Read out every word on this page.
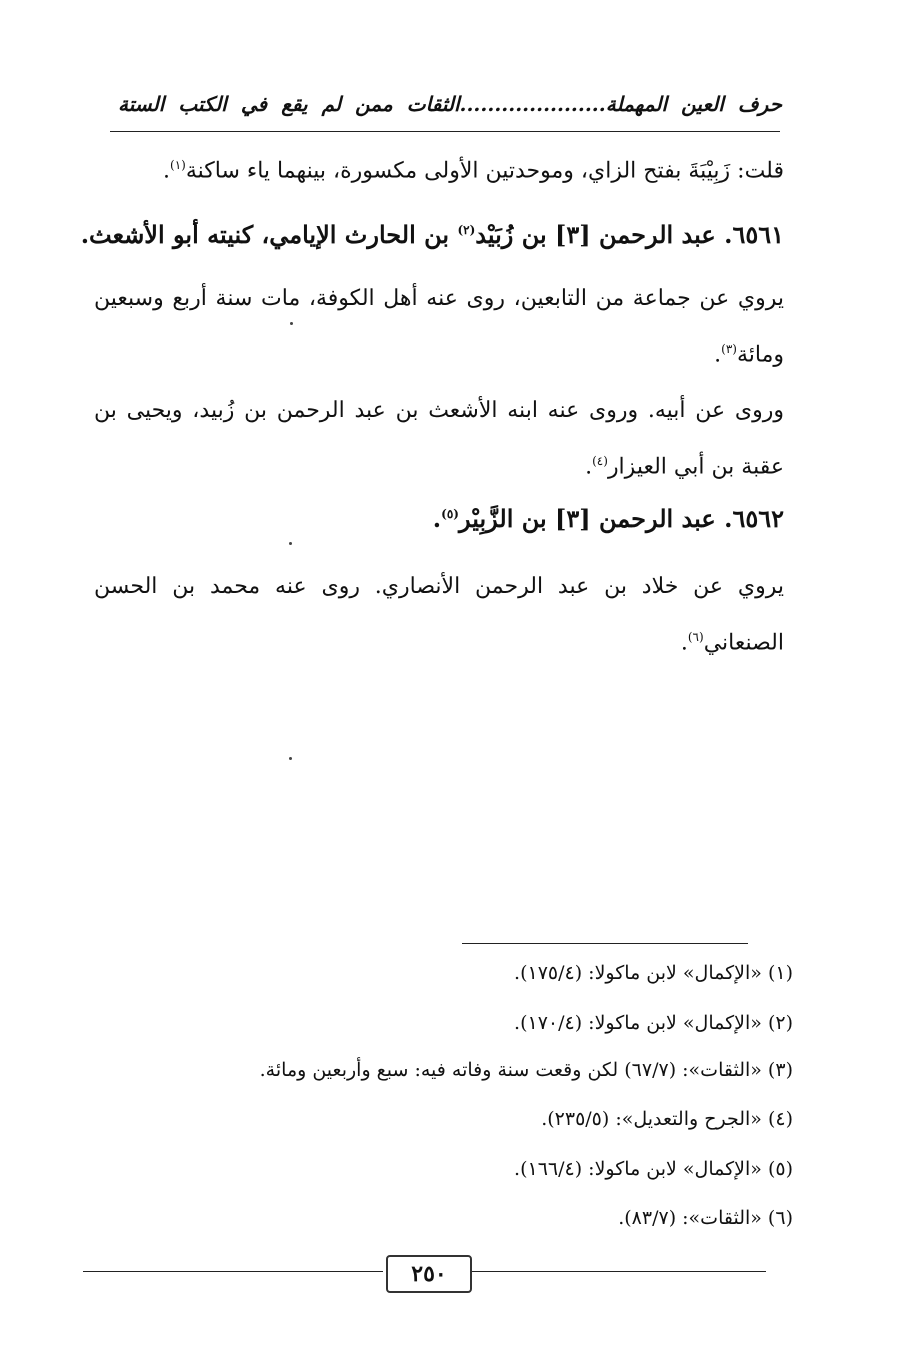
حرف العين المهملة.....................الثقات ممن لم يقع في الكتب الستة
قلت: زَبِيْبَةَ بفتح الزاي، وموحدتين الأولى مكسورة، بينهما ياء ساكنة$^{(١)}$.
٦٥٦١. عبد الرحمن [٣] بن زُبَيْد$^{(٢)}$ بن الحارث الإيامي، كنيته أبو الأشعث.
يروي عن جماعة من التابعين، روى عنه أهل الكوفة، مات سنة أربع وسبعين ومائة$^{(٣)}$.
وروى عن أبيه. وروى عنه ابنه الأشعث بن عبد الرحمن بن زُبيد، ويحيى بن عقبة بن أبي العيزار$^{(٤)}$.
٦٥٦٢. عبد الرحمن [٣] بن الزَّبِيْر$^{(٥)}$.
يروي عن خلاد بن عبد الرحمن الأنصاري. روى عنه محمد بن الحسن الصنعاني$^{(٦)}$.
(١) «الإكمال» لابن ماكولا: (١٧٥/٤).
(٢) «الإكمال» لابن ماكولا: (١٧٠/٤).
(٣) «الثقات»: (٦٧/٧) لكن وقعت سنة وفاته فيه: سبع وأربعين ومائة.
(٤) «الجرح والتعديل»: (٢٣٥/٥).
(٥) «الإكمال» لابن ماكولا: (١٦٦/٤).
(٦) «الثقات»: (٨٣/٧).
٢٥٠
